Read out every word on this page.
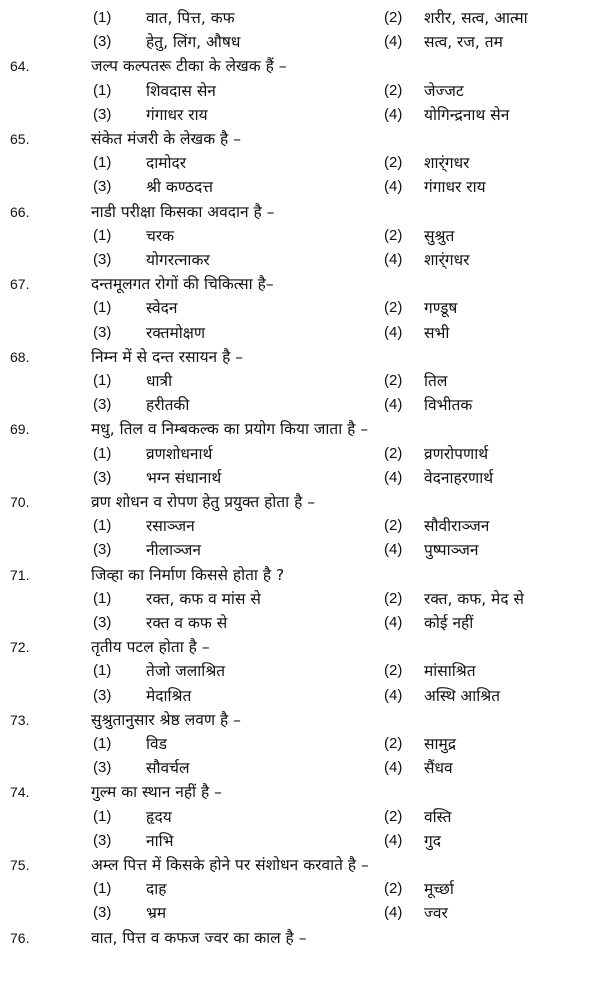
(1) वात, पित्त, कफ	(2) शरीर, सत्व, आत्मा
(3) हेतु, लिंग, औषध	(4) सत्व, रज, तम
64.	जल्प कल्पतरू टीका के लेखक हैं –
(1) शिवदास सेन	(2) जेज्जट
(3) गंगाधर राय	(4) योगिन्द्रनाथ सेन
65.	संकेत मंजरी के लेखक है –
(1) दामोदर	(2) शार्ंगधर
(3) श्री कण्ठदत्त	(4) गंगाधर राय
66.	नाडी परीक्षा किसका अवदान है –
(1) चरक	(2) सुश्रुत
(3) योगरत्नाकर	(4) शार्ंगधर
67.	दन्तमूलगत रोगों की चिकित्सा है–
(1) स्वेदन	(2) गण्डूष
(3) रक्तमोक्षण	(4) सभी
68.	निम्न में से दन्त रसायन है –
(1) धात्री	(2) तिल
(3) हरीतकी	(4) विभीतक
69.	मधु, तिल व निम्बकल्क का प्रयोग किया जाता है –
(1) व्रणशोधनार्थ	(2) व्रणरोपणार्थ
(3) भग्न संधानार्थ	(4) वेदनाहरणार्थ
70.	व्रण शोधन व रोपण हेतु प्रयुक्त होता है –
(1) रसाञ्जन	(2) सौवीराञ्जन
(3) नीलाञ्जन	(4) पुष्पाञ्जन
71.	जिव्हा का निर्माण किससे होता है ?
(1) रक्त, कफ व मांस से	(2) रक्त, कफ, मेद से
(3) रक्त व कफ से	(4) कोई नहीं
72.	तृतीय पटल होता है –
(1) तेजो जलाश्रित	(2) मांसाश्रित
(3) मेदाश्रित	(4) अस्थि आश्रित
73.	सुश्रुतानुसार श्रेष्ठ लवण है –
(1) विड	(2) सामुद्र
(3) सौवर्चल	(4) सैंधव
74.	गुल्म का स्थान नहीं है –
(1) हृदय	(2) वस्ति
(3) नाभि	(4) गुद
75.	अम्ल पित्त में किसके होने पर संशोधन करवाते है –
(1) दाह	(2) मूर्च्छा
(3) भ्रम	(4) ज्वर
76.	वात, पित्त व कफज ज्वर का काल है –
